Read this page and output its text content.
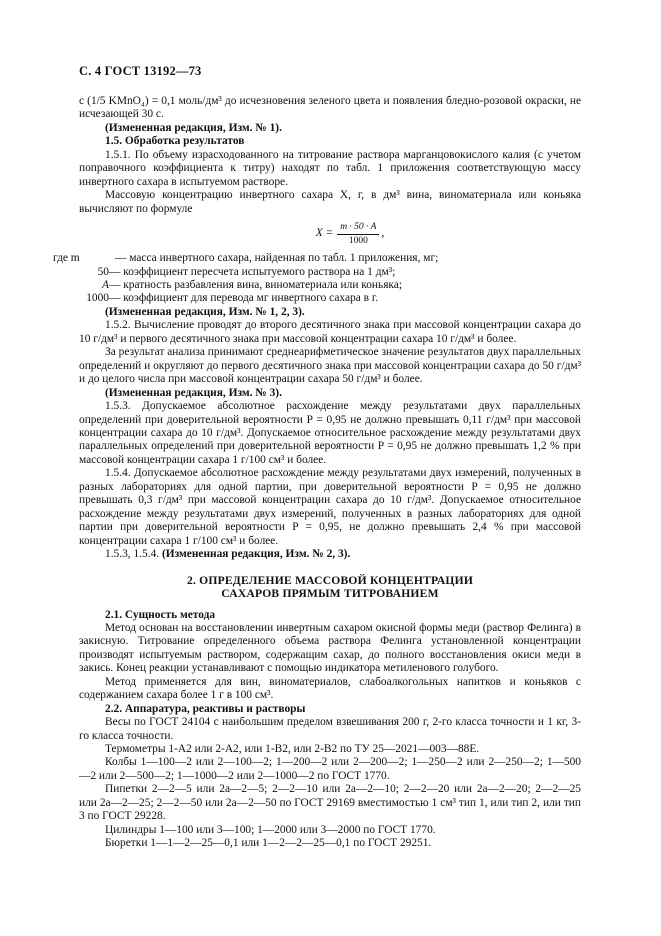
С. 4 ГОСТ 13192—73

c (1/5 KMnO₄) = 0,1 моль/дм³ до исчезновения зеленого цвета и появления бледно-розовой окраски, не исчезающей 30 с.

(Измененная редакция, Изм. № 1).

1.5. Обработка результатов

1.5.1. По объему израсходованного на титрование раствора марганцовокислого калия (с учетом поправочного коэффициента к титру) находят по табл. 1 приложения соответствующую массу инвертного сахара в испытуемом растворе.

Массовую концентрацию инвертного сахара X, г, в дм³ вина, виноматериала или коньяка вычисляют по формуле

$X = \frac{m \cdot 50 \cdot A}{1000}$ ,
где m	— масса инвертного сахара, найденная по табл. 1 приложения, мг;
50 — коэффициент пересчета испытуемого раствора на 1 дм³;
A — кратность разбавления вина, виноматериала или коньяка;
1000 — коэффициент для перевода мг инвертного сахара в г.

(Измененная редакция, Изм. № 1, 2, 3).

1.5.2. Вычисление проводят до второго десятичного знака при массовой концентрации сахара до 10 г/дм³ и первого десятичного знака при массовой концентрации сахара 10 г/дм³ и более.

За результат анализа принимают среднеарифметическое значение результатов двух параллельных определений и округляют до первого десятичного знака при массовой концентрации сахара до 50 г/дм³ и до целого числа при массовой концентрации сахара 50 г/дм³ и более.

(Измененная редакция, Изм. № 3).

1.5.3. Допускаемое абсолютное расхождение между результатами двух параллельных определений при доверительной вероятности P = 0,95 не должно превышать 0,11 г/дм³ при массовой концентрации сахара до 10 г/дм³. Допускаемое относительное расхождение между результатами двух параллельных определений при доверительной вероятности P = 0,95 не должно превышать 1,2 % при массовой концентрации сахара 1 г/100 см³ и более.

1.5.4. Допускаемое абсолютное расхождение между результатами двух измерений, полученных в разных лабораториях для одной партии, при доверительной вероятности P = 0,95 не должно превышать 0,3 г/дм³ при массовой концентрации сахара до 10 г/дм³. Допускаемое относительное расхождение между результатами двух измерений, полученных в разных лабораториях для одной партии при доверительной вероятности P = 0,95, не должно превышать 2,4 % при массовой концентрации сахара 1 г/100 см³ и более.

1.5.3, 1.5.4. (Измененная редакция, Изм. № 2, 3).

2. ОПРЕДЕЛЕНИЕ МАССОВОЙ КОНЦЕНТРАЦИИ
САХАРОВ ПРЯМЫМ ТИТРОВАНИЕМ

2.1. Сущность метода

Метод основан на восстановлении инвертным сахаром окисной формы меди (раствор Фелинга) в закисную. Титрование определенного объема раствора Фелинга установленной концентрации производят испытуемым раствором, содержащим сахар, до полного восстановления окиси меди в закись. Конец реакции устанавливают с помощью индикатора метиленового голубого.

Метод применяется для вин, виноматериалов, слабоалкогольных напитков и коньяков с содержанием сахара более 1 г в 100 см³.

2.2. Аппаратура, реактивы и растворы

Весы по ГОСТ 24104 с наибольшим пределом взвешивания 200 г, 2-го класса точности и 1 кг, 3-го класса точности.

Термометры 1-А2 или 2-А2, или 1-В2, или 2-В2 по ТУ 25—2021—003—88Е.

Колбы 1—100—2 или 2—100—2; 1—200—2 или 2—200—2; 1—250—2 или 2—250—2; 1—500—2 или 2—500—2; 1—1000—2 или 2—1000—2 по ГОСТ 1770.

Пипетки 2—2—5 или 2а—2—5; 2—2—10 или 2а—2—10; 2—2—20 или 2а—2—20; 2—2—25 или 2а—2—25; 2—2—50 или 2а—2—50 по ГОСТ 29169 вместимостью 1 см³ тип 1, или тип 2, или тип 3 по ГОСТ 29228.

Цилиндры 1—100 или 3—100; 1—2000 или 3—2000 по ГОСТ 1770.

Бюретки 1—1—2—25—0,1 или 1—2—2—25—0,1 по ГОСТ 29251.
